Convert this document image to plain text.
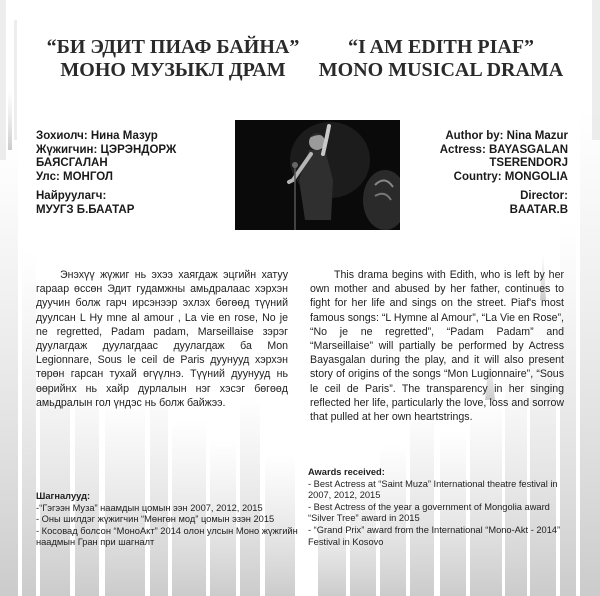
“БИ ЭДИТ ПИАФ БАЙНА”
МОНО МУЗЫКЛ ДРАМ
“I AM EDITH PIAF”
MONO MUSICAL DRAMA
Зохиолч: Нина Мазур
Жүжигчин: ЦЭРЭНДОРЖ
БАЯСГАЛАН
Улс: МОНГОЛ
Найруулагч:
МУУГЗ Б.БААТАР
Author by: Nina Mazur
Actress: BAYASGALAN
TSERENDORJ
Country: MONGOLIA
Director:
BAATAR.B
Энэхүү жүжиг нь эхээ хаягдаж эцгийн хатуу гараар өссөн Эдит гудамжны амьдралаас хэрхэн дуучин болж гарч ирсэнээр эхлэх бөгөөд түүний дуулсан L Hy mne al amour , La vie en rose, No je ne regretted, Padam padam, Marseillaise зэрэг дуулагдаж дуулагдаас дуулагдаж ба Mon Legionnare, Sous le ceil de Paris дуунууд хэрхэн төрөн гарсан тухай өгүүлнэ. Түүний дуунууд нь өөрийнх нь хайр дурлалын нэг хэсэг бөгөөд амьдралын гол үндэс нь болж байжээ.
This drama begins with Edith, who is left by her own mother and abused by her father, continues to fight for her life and sings on the street. Piaf's most famous songs: “L Hymne al Amour”, “La Vie en Rose”, “No je ne regretted”, “Padam Padam” and “Marseillaise” will partially be performed by Actress Bayasgalan during the play, and it will also present story of origins of the songs “Mon Lugionnaire”, “Sous le ceil de Paris”. The transparency in her singing reflected her life, particularly the love, loss and sorrow that pulled at her own heartstrings.
Шагналууд:
-“Гэгээн Муза” наамдын цомын ээн 2007, 2012, 2015
- Оны шилдэг жүжигчин “Мөнгөн мод” цомын эзэн 2015
- Косовад болсон “МоноАкт” 2014 олон улсын Моно жүжгийн наадмын Гран при шагналт
Awards received:
- Best Actress at “Saint Muza” International theatre festival in 2007, 2012, 2015
- Best Actress of the year a government of Mongolia award “Silver Tree” award in 2015
- “Grand Prix” award from the International “Mono-Akt - 2014” Festival in Kosovo
